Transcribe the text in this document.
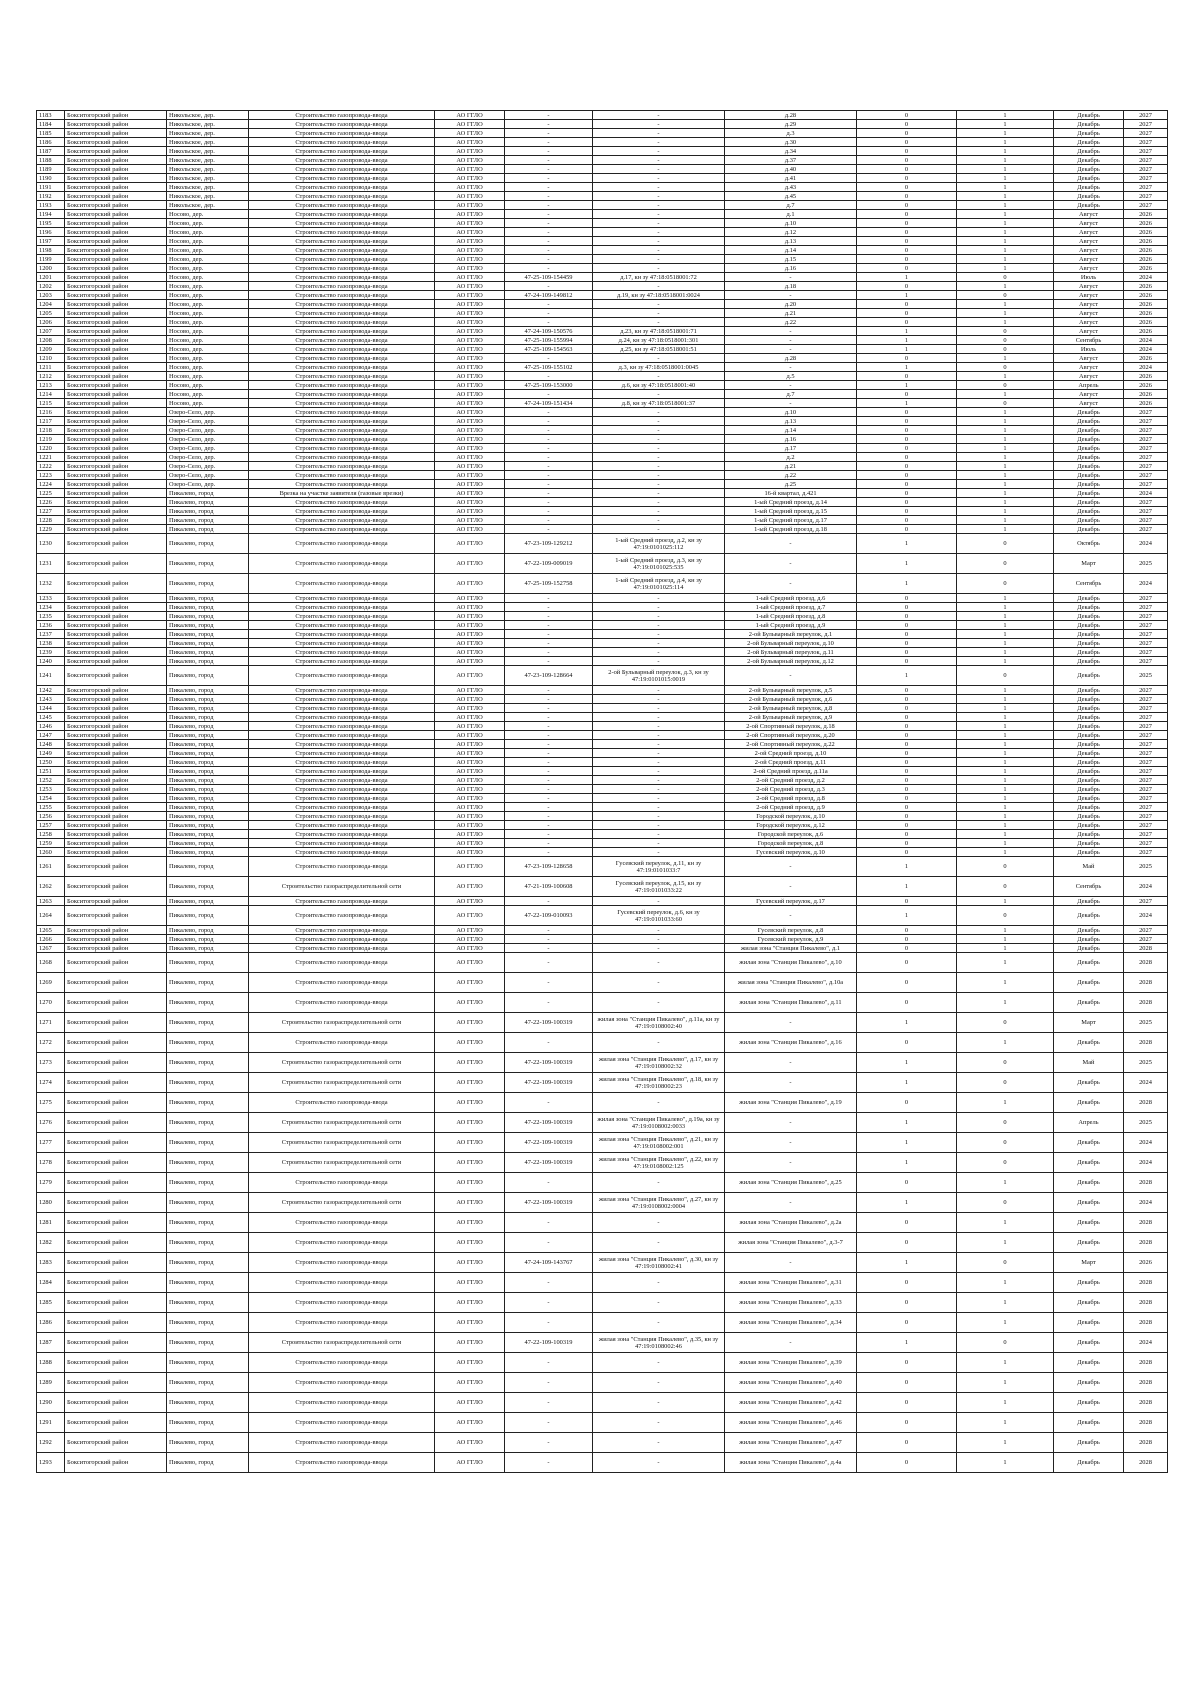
1183	Бокситогорский район	Никольское, дер.	Строительство газопровода-ввода	АО ГГЛО	-	-	д.28	0	1	Декабрь	2027
1184	Бокситогорский район	Никольское, дер.	Строительство газопровода-ввода	АО ГГЛО	-	-	д.29	0	1	Декабрь	2027
1185	Бокситогорский район	Никольское, дер.	Строительство газопровода-ввода	АО ГГЛО	-	-	д.3	0	1	Декабрь	2027
1186	Бокситогорский район	Никольское, дер.	Строительство газопровода-ввода	АО ГГЛО	-	-	д.30	0	1	Декабрь	2027
1187	Бокситогорский район	Никольское, дер.	Строительство газопровода-ввода	АО ГГЛО	-	-	д.34	0	1	Декабрь	2027
1188	Бокситогорский район	Никольское, дер.	Строительство газопровода-ввода	АО ГГЛО	-	-	д.37	0	1	Декабрь	2027
1189	Бокситогорский район	Никольское, дер.	Строительство газопровода-ввода	АО ГГЛО	-	-	д.40	0	1	Декабрь	2027
1190	Бокситогорский район	Никольское, дер.	Строительство газопровода-ввода	АО ГГЛО	-	-	д.41	0	1	Декабрь	2027
1191	Бокситогорский район	Никольское, дер.	Строительство газопровода-ввода	АО ГГЛО	-	-	д.43	0	1	Декабрь	2027
1192	Бокситогорский район	Никольское, дер.	Строительство газопровода-ввода	АО ГГЛО	-	-	д.45	0	1	Декабрь	2027
1193	Бокситогорский район	Никольское, дер.	Строительство газопровода-ввода	АО ГГЛО	-	-	д.7	0	1	Декабрь	2027
1194	Бокситогорский район	Носово, дер.	Строительство газопровода-ввода	АО ГГЛО	-	-	д.1	0	1	Август	2026
1195	Бокситогорский район	Носово, дер.	Строительство газопровода-ввода	АО ГГЛО	-	-	д.10	0	1	Август	2026
1196	Бокситогорский район	Носово, дер.	Строительство газопровода-ввода	АО ГГЛО	-	-	д.12	0	1	Август	2026
1197	Бокситогорский район	Носово, дер.	Строительство газопровода-ввода	АО ГГЛО	-	-	д.13	0	1	Август	2026
1198	Бокситогорский район	Носово, дер.	Строительство газопровода-ввода	АО ГГЛО	-	-	д.14	0	1	Август	2026
1199	Бокситогорский район	Носово, дер.	Строительство газопровода-ввода	АО ГГЛО	-	-	д.15	0	1	Август	2026
1200	Бокситогорский район	Носово, дер.	Строительство газопровода-ввода	АО ГГЛО	-	-	д.16	0	1	Август	2026
1201	Бокситогорский район	Носово, дер.	Строительство газопровода-ввода	АО ГГЛО	47-25-109-154459	д.17, кн зу 47:18:0518001:72	-	1	0	Июль	2024
1202	Бокситогорский район	Носово, дер.	Строительство газопровода-ввода	АО ГГЛО	-	-	д.18	0	1	Август	2026
1203	Бокситогорский район	Носово, дер.	Строительство газопровода-ввода	АО ГГЛО	47-24-109-149812	д.19, кн зу 47:18:0518001:0024	-	1	0	Август	2026
1204	Бокситогорский район	Носово, дер.	Строительство газопровода-ввода	АО ГГЛО	-	-	д.20	0	1	Август	2026
1205	Бокситогорский район	Носово, дер.	Строительство газопровода-ввода	АО ГГЛО	-	-	д.21	0	1	Август	2026
1206	Бокситогорский район	Носово, дер.	Строительство газопровода-ввода	АО ГГЛО	-	-	д.22	0	1	Август	2026
1207	Бокситогорский район	Носово, дер.	Строительство газопровода-ввода	АО ГГЛО	47-24-109-150576	д.23, кн зу 47:18:0518001:71	-	1	0	Август	2026
1208	Бокситогорский район	Носово, дер.	Строительство газопровода-ввода	АО ГГЛО	47-25-109-155994	д.24, кн зу 47:18:0518001:301	-	1	0	Сентябрь	2024
1209	Бокситогорский район	Носово, дер.	Строительство газопровода-ввода	АО ГГЛО	47-25-109-154563	д.25, кн зу 47:18:0518001:51	-	1	0	Июль	2024
1210	Бокситогорский район	Носово, дер.	Строительство газопровода-ввода	АО ГГЛО	-	-	д.28	0	1	Август	2026
1211	Бокситогорский район	Носово, дер.	Строительство газопровода-ввода	АО ГГЛО	47-25-109-155102	д.3, кн зу 47:18:0518001:0045	-	1	0	Август	2024
1212	Бокситогорский район	Носово, дер.	Строительство газопровода-ввода	АО ГГЛО	-	-	д.5	0	1	Август	2026
1213	Бокситогорский район	Носово, дер.	Строительство газопровода-ввода	АО ГГЛО	47-25-109-153000	д.6, кн зу 47:18:0518001:40	-	1	0	Апрель	2026
1214	Бокситогорский район	Носово, дер.	Строительство газопровода-ввода	АО ГГЛО	-	-	д.7	0	1	Август	2026
1215	Бокситогорский район	Носово, дер.	Строительство газопровода-ввода	АО ГГЛО	47-24-109-151434	д.8, кн зу 47:18:0518001:37	-	1	0	Август	2026
1216	Бокситогорский район	Озеро-Село, дер.	Строительство газопровода-ввода	АО ГГЛО	-	-	д.10	0	1	Декабрь	2027
1217	Бокситогорский район	Озеро-Село, дер.	Строительство газопровода-ввода	АО ГГЛО	-	-	д.13	0	1	Декабрь	2027
1218	Бокситогорский район	Озеро-Село, дер.	Строительство газопровода-ввода	АО ГГЛО	-	-	д.14	0	1	Декабрь	2027
1219	Бокситогорский район	Озеро-Село, дер.	Строительство газопровода-ввода	АО ГГЛО	-	-	д.16	0	1	Декабрь	2027
1220	Бокситогорский район	Озеро-Село, дер.	Строительство газопровода-ввода	АО ГГЛО	-	-	д.17	0	1	Декабрь	2027
1221	Бокситогорский район	Озеро-Село, дер.	Строительство газопровода-ввода	АО ГГЛО	-	-	д.2	0	1	Декабрь	2027
1222	Бокситогорский район	Озеро-Село, дер.	Строительство газопровода-ввода	АО ГГЛО	-	-	д.21	0	1	Декабрь	2027
1223	Бокситогорский район	Озеро-Село, дер.	Строительство газопровода-ввода	АО ГГЛО	-	-	д.22	0	1	Декабрь	2027
1224	Бокситогорский район	Озеро-Село, дер.	Строительство газопровода-ввода	АО ГГЛО	-	-	д.25	0	1	Декабрь	2027
1225	Бокситогорский район	Пикалево, город	Врезка на участке заявителя (газовые врезки)	АО ГГЛО	-	-	16-й квартал, д.421	0	1	Декабрь	2024
1226	Бокситогорский район	Пикалево, город	Строительство газопровода-ввода	АО ГГЛО	-	-	1-ый Средний проезд, д.14	0	1	Декабрь	2027
1227	Бокситогорский район	Пикалево, город	Строительство газопровода-ввода	АО ГГЛО	-	-	1-ый Средний проезд, д.15	0	1	Декабрь	2027
1228	Бокситогорский район	Пикалево, город	Строительство газопровода-ввода	АО ГГЛО	-	-	1-ый Средний проезд, д.17	0	1	Декабрь	2027
1229	Бокситогорский район	Пикалево, город	Строительство газопровода-ввода	АО ГГЛО	-	-	1-ый Средний проезд, д.18	0	1	Декабрь	2027
1230	Бокситогорский район	Пикалево, город	Строительство газопровода-ввода	АО ГГЛО	47-23-109-129212	1-ый Средний проезд, д.2, кн зу 47:19:0101025:112	-	1	0	Октябрь	2024
1231	Бокситогорский район	Пикалево, город	Строительство газопровода-ввода	АО ГГЛО	47-22-109-009019	1-ый Средний проезд, д.3, кн зу 47:19:0101025:535	-	1	0	Март	2025
1232	Бокситогорский район	Пикалево, город	Строительство газопровода-ввода	АО ГГЛО	47-25-109-152758	1-ый Средний проезд, д.4, кн зу 47:19:0101025:114	-	1	0	Сентябрь	2024
1233	Бокситогорский район	Пикалево, город	Строительство газопровода-ввода	АО ГГЛО	-	-	1-ый Средний проезд, д.6	0	1	Декабрь	2027
1234	Бокситогорский район	Пикалево, город	Строительство газопровода-ввода	АО ГГЛО	-	-	1-ый Средний проезд, д.7	0	1	Декабрь	2027
1235	Бокситогорский район	Пикалево, город	Строительство газопровода-ввода	АО ГГЛО	-	-	1-ый Средний проезд, д.8	0	1	Декабрь	2027
1236	Бокситогорский район	Пикалево, город	Строительство газопровода-ввода	АО ГГЛО	-	-	1-ый Средний проезд, д.9	0	1	Декабрь	2027
1237	Бокситогорский район	Пикалево, город	Строительство газопровода-ввода	АО ГГЛО	-	-	2-ой Бульварный переулок, д.1	0	1	Декабрь	2027
1238	Бокситогорский район	Пикалево, город	Строительство газопровода-ввода	АО ГГЛО	-	-	2-ой Бульварный переулок, д.10	0	1	Декабрь	2027
1239	Бокситогорский район	Пикалево, город	Строительство газопровода-ввода	АО ГГЛО	-	-	2-ой Бульварный переулок, д.11	0	1	Декабрь	2027
1240	Бокситогорский район	Пикалево, город	Строительство газопровода-ввода	АО ГГЛО	-	-	2-ой Бульварный переулок, д.12	0	1	Декабрь	2027
1241	Бокситогорский район	Пикалево, город	Строительство газопровода-ввода	АО ГГЛО	47-23-109-128664	2-ой Бульварный переулок, д.3, кн зу 47:19:0101015:0019	-	1	0	Декабрь	2025
1242	Бокситогорский район	Пикалево, город	Строительство газопровода-ввода	АО ГГЛО	-	-	2-ой Бульварный переулок, д.5	0	1	Декабрь	2027
1243	Бокситогорский район	Пикалево, город	Строительство газопровода-ввода	АО ГГЛО	-	-	2-ой Бульварный переулок, д.6	0	1	Декабрь	2027
1244	Бокситогорский район	Пикалево, город	Строительство газопровода-ввода	АО ГГЛО	-	-	2-ой Бульварный переулок, д.8	0	1	Декабрь	2027
1245	Бокситогорский район	Пикалево, город	Строительство газопровода-ввода	АО ГГЛО	-	-	2-ой Бульварный переулок, д.9	0	1	Декабрь	2027
1246	Бокситогорский район	Пикалево, город	Строительство газопровода-ввода	АО ГГЛО	-	-	2-ой Спортивный переулок, д.18	0	1	Декабрь	2027
1247	Бокситогорский район	Пикалево, город	Строительство газопровода-ввода	АО ГГЛО	-	-	2-ой Спортивный переулок, д.20	0	1	Декабрь	2027
1248	Бокситогорский район	Пикалево, город	Строительство газопровода-ввода	АО ГГЛО	-	-	2-ой Спортивный переулок, д.22	0	1	Декабрь	2027
1249	Бокситогорский район	Пикалево, город	Строительство газопровода-ввода	АО ГГЛО	-	-	2-ой Средний проезд, д.10	0	1	Декабрь	2027
1250	Бокситогорский район	Пикалево, город	Строительство газопровода-ввода	АО ГГЛО	-	-	2-ой Средний проезд, д.11	0	1	Декабрь	2027
1251	Бокситогорский район	Пикалево, город	Строительство газопровода-ввода	АО ГГЛО	-	-	2-ой Средний проезд, д.11а	0	1	Декабрь	2027
1252	Бокситогорский район	Пикалево, город	Строительство газопровода-ввода	АО ГГЛО	-	-	2-ой Средний проезд, д.2	0	1	Декабрь	2027
1253	Бокситогорский район	Пикалево, город	Строительство газопровода-ввода	АО ГГЛО	-	-	2-ой Средний проезд, д.3	0	1	Декабрь	2027
1254	Бокситогорский район	Пикалево, город	Строительство газопровода-ввода	АО ГГЛО	-	-	2-ой Средний проезд, д.8	0	1	Декабрь	2027
1255	Бокситогорский район	Пикалево, город	Строительство газопровода-ввода	АО ГГЛО	-	-	2-ой Средний проезд, д.9	0	1	Декабрь	2027
1256	Бокситогорский район	Пикалево, город	Строительство газопровода-ввода	АО ГГЛО	-	-	Городской переулок, д.10	0	1	Декабрь	2027
1257	Бокситогорский район	Пикалево, город	Строительство газопровода-ввода	АО ГГЛО	-	-	Городской переулок, д.12	0	1	Декабрь	2027
1258	Бокситогорский район	Пикалево, город	Строительство газопровода-ввода	АО ГГЛО	-	-	Городской переулок, д.6	0	1	Декабрь	2027
1259	Бокситогорский район	Пикалево, город	Строительство газопровода-ввода	АО ГГЛО	-	-	Городской переулок, д.8	0	1	Декабрь	2027
1260	Бокситогорский район	Пикалево, город	Строительство газопровода-ввода	АО ГГЛО	-	-	Гусевский переулок, д.10	0	1	Декабрь	2027
1261	Бокситогорский район	Пикалево, город	Строительство газопровода-ввода	АО ГГЛО	47-23-109-128658	Гусевский переулок, д.11, кн зу 47:19:0101033:7	-	1	0	Май	2025
1262	Бокситогорский район	Пикалево, город	Строительство газораспределительной сети	АО ГГЛО	47-21-109-100608	Гусевский переулок, д.15, кн зу 47:19:0101033:22	-	1	0	Сентябрь	2024
1263	Бокситогорский район	Пикалево, город	Строительство газопровода-ввода	АО ГГЛО	-	-	Гусевский переулок, д.17	0	1	Декабрь	2027
1264	Бокситогорский район	Пикалево, город	Строительство газопровода-ввода	АО ГГЛО	47-22-109-010093	Гусевский переулок, д.6, кн зу 47:19:0101033:60	-	1	0	Декабрь	2024
1265	Бокситогорский район	Пикалево, город	Строительство газопровода-ввода	АО ГГЛО	-	-	Гусевский переулок, д.8	0	1	Декабрь	2027
1266	Бокситогорский район	Пикалево, город	Строительство газопровода-ввода	АО ГГЛО	-	-	Гусевский переулок, д.9	0	1	Декабрь	2027
1267	Бокситогорский район	Пикалево, город	Строительство газопровода-ввода	АО ГГЛО	-	-	жилая зона "Станция Пикалево", д.1	0	1	Декабрь	2028
1268	Бокситогорский район	Пикалево, город	Строительство газопровода-ввода	АО ГГЛО	-	-	жилая зона "Станция Пикалево", д.10	0	1	Декабрь	2028
1269	Бокситогорский район	Пикалево, город	Строительство газопровода-ввода	АО ГГЛО	-	-	жилая зона "Станция Пикалево", д.10а	0	1	Декабрь	2028
1270	Бокситогорский район	Пикалево, город	Строительство газопровода-ввода	АО ГГЛО	-	-	жилая зона "Станция Пикалево", д.11	0	1	Декабрь	2028
1271	Бокситогорский район	Пикалево, город	Строительство газораспределительной сети	АО ГГЛО	47-22-109-100319	жилая зона "Станция Пикалево", д.11а, кн зу 47:19:0108002:40	-	1	0	Март	2025
1272	Бокситогорский район	Пикалево, город	Строительство газопровода-ввода	АО ГГЛО	-	-	жилая зона "Станция Пикалево", д.16	0	1	Декабрь	2028
1273	Бокситогорский район	Пикалево, город	Строительство газораспределительной сети	АО ГГЛО	47-22-109-100319	жилая зона "Станция Пикалево", д.17, кн зу 47:19:0108002:32	-	1	0	Май	2025
1274	Бокситогорский район	Пикалево, город	Строительство газораспределительной сети	АО ГГЛО	47-22-109-100319	жилая зона "Станция Пикалево", д.18, кн зу 47:19:0108002:23	-	1	0	Декабрь	2024
1275	Бокситогорский район	Пикалево, город	Строительство газопровода-ввода	АО ГГЛО	-	-	жилая зона "Станция Пикалево", д.19	0	1	Декабрь	2028
1276	Бокситогорский район	Пикалево, город	Строительство газораспределительной сети	АО ГГЛО	47-22-109-100319	жилая зона "Станция Пикалево", д.19а, кн зу 47:19:0108002:0033	-	1	0	Апрель	2025
1277	Бокситогорский район	Пикалево, город	Строительство газораспределительной сети	АО ГГЛО	47-22-109-100319	жилая зона "Станция Пикалево", д.21, кн зу 47:19:0108002:001	-	1	0	Декабрь	2024
1278	Бокситогорский район	Пикалево, город	Строительство газораспределительной сети	АО ГГЛО	47-22-109-100319	жилая зона "Станция Пикалево", д.22, кн зу 47:19:0108002:125	-	1	0	Декабрь	2024
1279	Бокситогорский район	Пикалево, город	Строительство газопровода-ввода	АО ГГЛО	-	-	жилая зона "Станция Пикалево", д.25	0	1	Декабрь	2028
1280	Бокситогорский район	Пикалево, город	Строительство газораспределительной сети	АО ГГЛО	47-22-109-100319	жилая зона "Станция Пикалево", д.27, кн зу 47:19:0108002:0004	-	1	0	Декабрь	2024
1281	Бокситогорский район	Пикалево, город	Строительство газопровода-ввода	АО ГГЛО	-	-	жилая зона "Станция Пикалево", д.2а	0	1	Декабрь	2028
1282	Бокситогорский район	Пикалево, город	Строительство газопровода-ввода	АО ГГЛО	-	-	жилая зона "Станция Пикалево", д.3-7	0	1	Декабрь	2028
1283	Бокситогорский район	Пикалево, город	Строительство газопровода-ввода	АО ГГЛО	47-24-109-143767	жилая зона "Станция Пикалево", д.30, кн зу 47:19:0108002:41	-	1	0	Март	2026
1284	Бокситогорский район	Пикалево, город	Строительство газопровода-ввода	АО ГГЛО	-	-	жилая зона "Станция Пикалево", д.31	0	1	Декабрь	2028
1285	Бокситогорский район	Пикалево, город	Строительство газопровода-ввода	АО ГГЛО	-	-	жилая зона "Станция Пикалево", д.33	0	1	Декабрь	2028
1286	Бокситогорский район	Пикалево, город	Строительство газопровода-ввода	АО ГГЛО	-	-	жилая зона "Станция Пикалево", д.34	0	1	Декабрь	2028
1287	Бокситогорский район	Пикалево, город	Строительство газораспределительной сети	АО ГГЛО	47-22-109-100319	жилая зона "Станция Пикалево", д.35, кн зу 47:19:0108002:46	-	1	0	Декабрь	2024
1288	Бокситогорский район	Пикалево, город	Строительство газопровода-ввода	АО ГГЛО	-	-	жилая зона "Станция Пикалево", д.39	0	1	Декабрь	2028
1289	Бокситогорский район	Пикалево, город	Строительство газопровода-ввода	АО ГГЛО	-	-	жилая зона "Станция Пикалево", д.40	0	1	Декабрь	2028
1290	Бокситогорский район	Пикалево, город	Строительство газопровода-ввода	АО ГГЛО	-	-	жилая зона "Станция Пикалево", д.42	0	1	Декабрь	2028
1291	Бокситогорский район	Пикалево, город	Строительство газопровода-ввода	АО ГГЛО	-	-	жилая зона "Станция Пикалево", д.46	0	1	Декабрь	2028
1292	Бокситогорский район	Пикалево, город	Строительство газопровода-ввода	АО ГГЛО	-	-	жилая зона "Станция Пикалево", д.47	0	1	Декабрь	2028
1293	Бокситогорский район	Пикалево, город	Строительство газопровода-ввода	АО ГГЛО	-	-	жилая зона "Станция Пикалево", д.4а	0	1	Декабрь	2028
